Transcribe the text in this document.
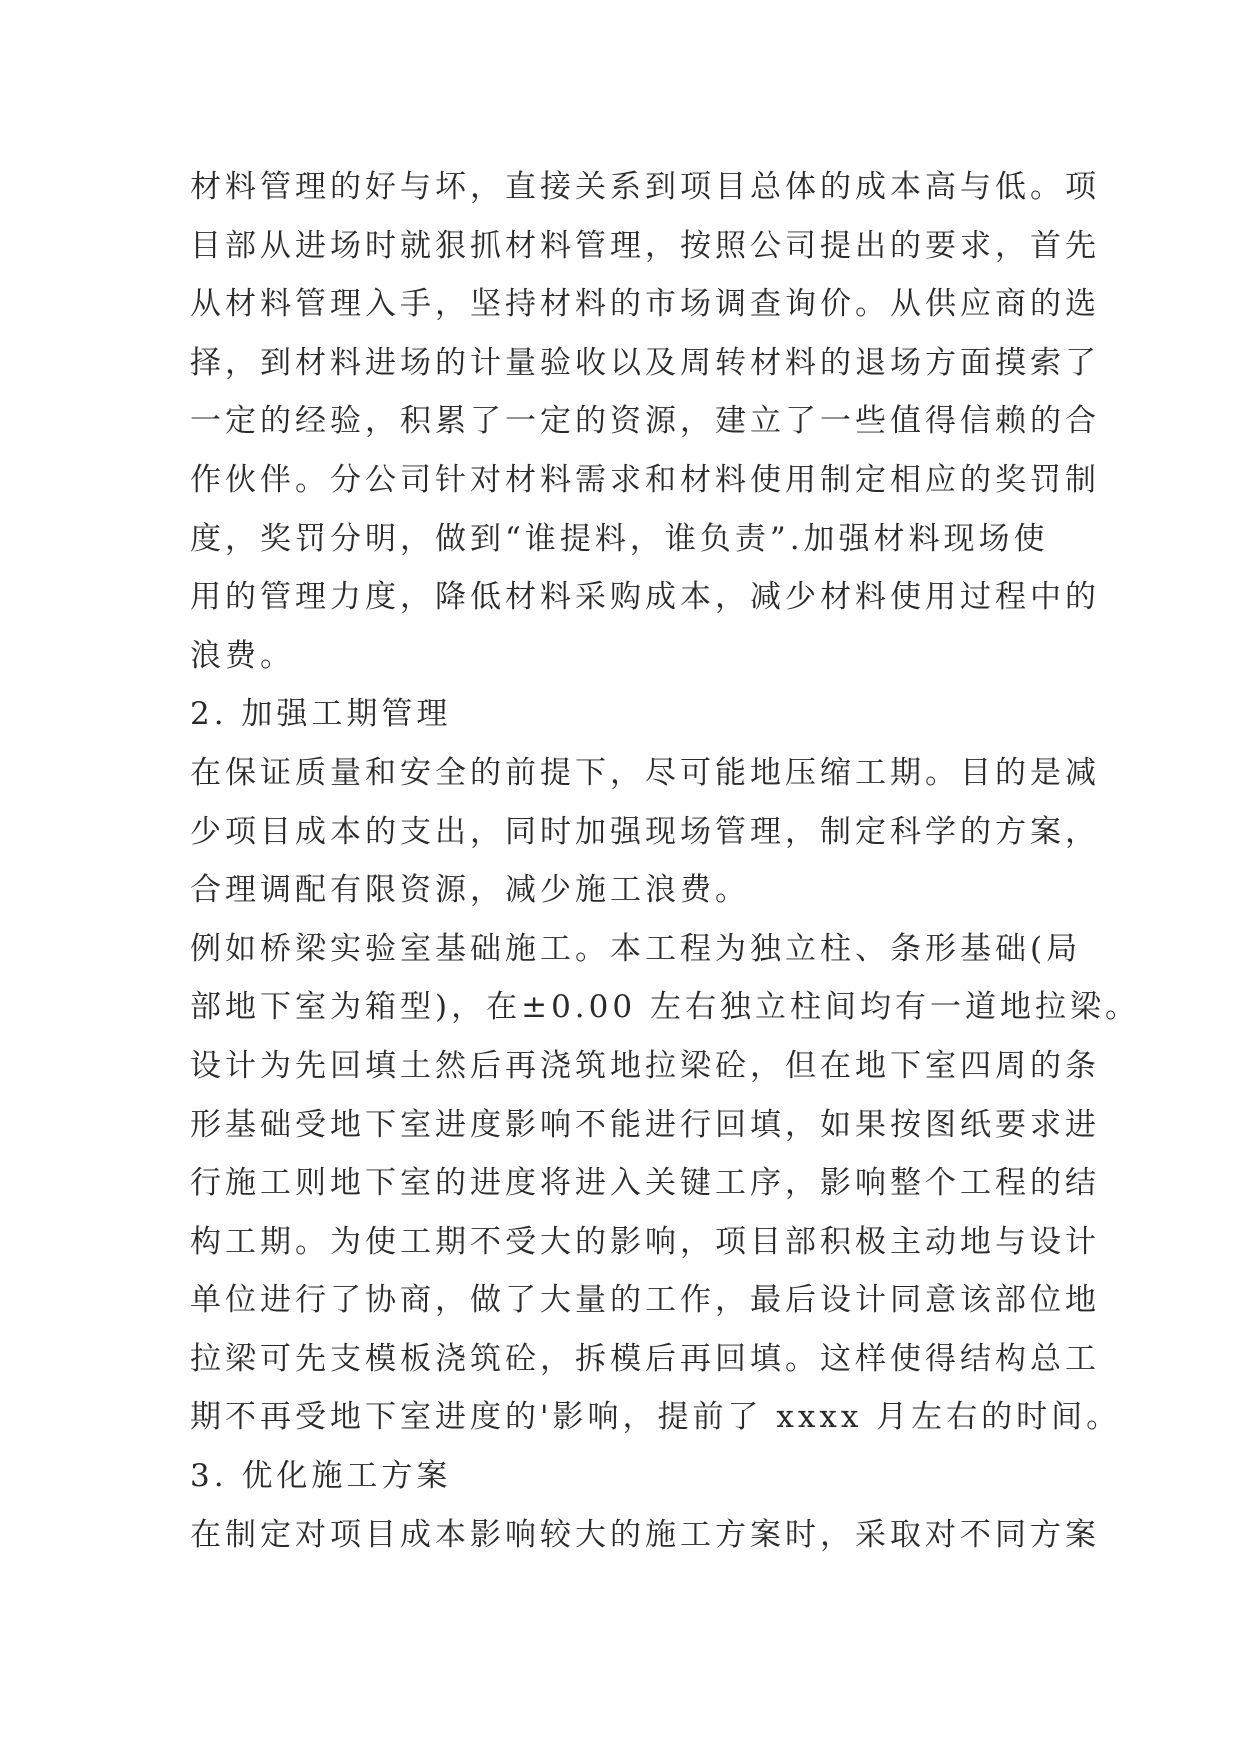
材料管理的好与坏，直接关系到项目总体的成本高与低。项
目部从进场时就狠抓材料管理，按照公司提出的要求，首先
从材料管理入手，坚持材料的市场调查询价。从供应商的选
择，到材料进场的计量验收以及周转材料的退场方面摸索了
一定的经验，积累了一定的资源，建立了一些值得信赖的合
作伙伴。分公司针对材料需求和材料使用制定相应的奖罚制
度，奖罚分明，做到“谁提料，谁负责”.加强材料现场使
用的管理力度，降低材料采购成本，减少材料使用过程中的
浪费。
2. 加强工期管理
在保证质量和安全的前提下，尽可能地压缩工期。目的是减
少项目成本的支出，同时加强现场管理，制定科学的方案，
合理调配有限资源，减少施工浪费。
例如桥梁实验室基础施工。本工程为独立柱、条形基础(局
部地下室为箱型)，在±0.00 左右独立柱间均有一道地拉梁。
设计为先回填土然后再浇筑地拉梁砼，但在地下室四周的条
形基础受地下室进度影响不能进行回填，如果按图纸要求进
行施工则地下室的进度将进入关键工序，影响整个工程的结
构工期。为使工期不受大的影响，项目部积极主动地与设计
单位进行了协商，做了大量的工作，最后设计同意该部位地
拉梁可先支模板浇筑砼，拆模后再回填。这样使得结构总工
期不再受地下室进度的'影响，提前了 xxxx 月左右的时间。
3. 优化施工方案
在制定对项目成本影响较大的施工方案时，采取对不同方案
